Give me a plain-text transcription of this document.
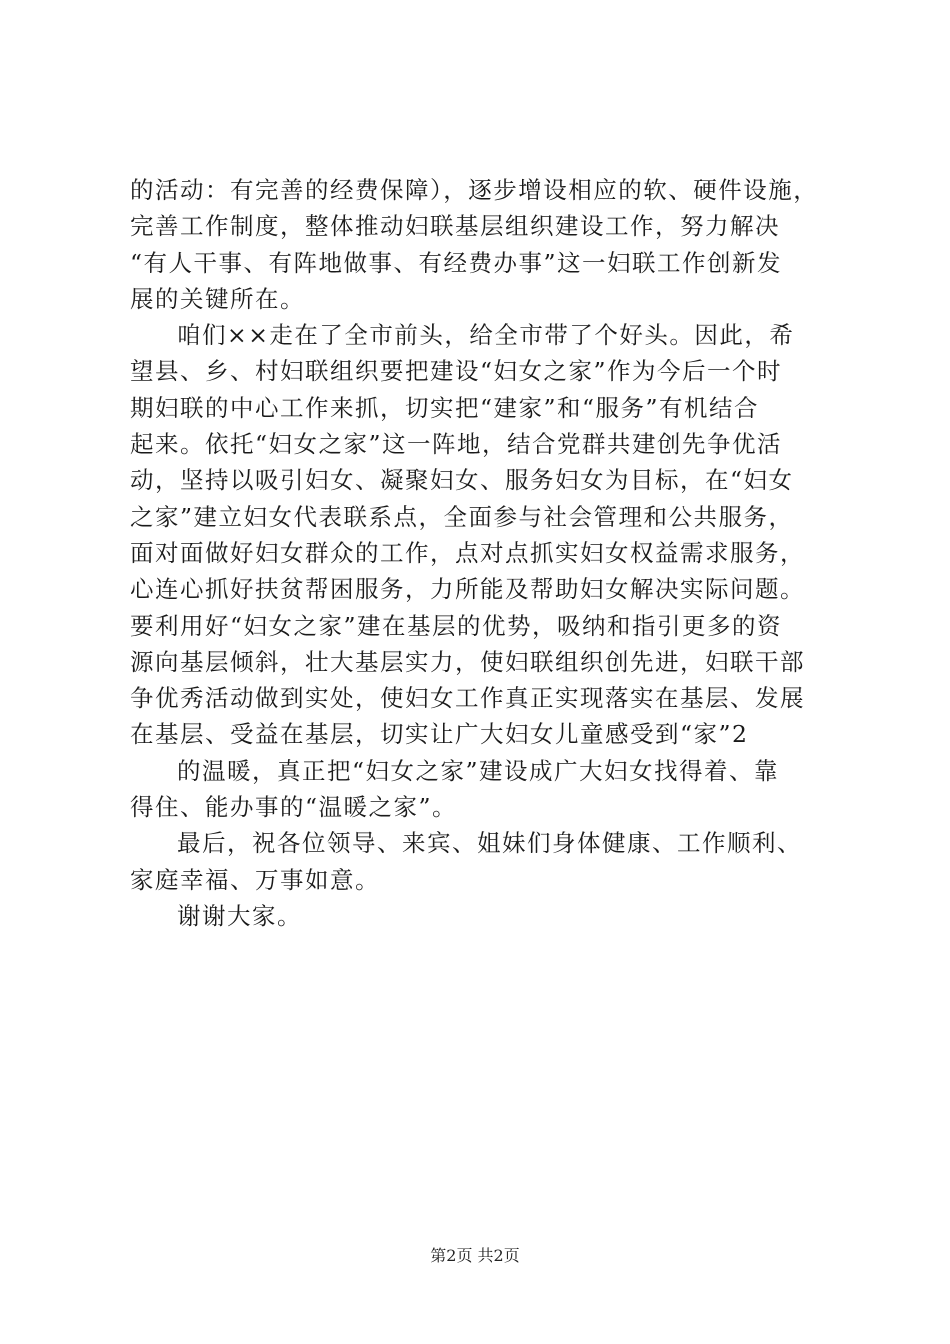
的活动：有完善的经费保障），逐步增设相应的软、硬件设施，
完善工作制度，整体推动妇联基层组织建设工作，努力解决
“有人干事、有阵地做事、有经费办事”这一妇联工作创新发
展的关键所在。
咱们××走在了全市前头，给全市带了个好头。因此，希
望县、乡、村妇联组织要把建设“妇女之家”作为今后一个时
期妇联的中心工作来抓，切实把“建家”和“服务”有机结合
起来。依托“妇女之家”这一阵地，结合党群共建创先争优活
动，坚持以吸引妇女、凝聚妇女、服务妇女为目标，在“妇女
之家”建立妇女代表联系点，全面参与社会管理和公共服务，
面对面做好妇女群众的工作，点对点抓实妇女权益需求服务，
心连心抓好扶贫帮困服务，力所能及帮助妇女解决实际问题。
要利用好“妇女之家”建在基层的优势，吸纳和指引更多的资
源向基层倾斜，壮大基层实力，使妇联组织创先进，妇联干部
争优秀活动做到实处，使妇女工作真正实现落实在基层、发展
在基层、受益在基层，切实让广大妇女儿童感受到“家”2
的温暖，真正把“妇女之家”建设成广大妇女找得着、靠
得住、能办事的“温暖之家”。
最后，祝各位领导、来宾、姐妹们身体健康、工作顺利、
家庭幸福、万事如意。
谢谢大家。
第2页 共2页
